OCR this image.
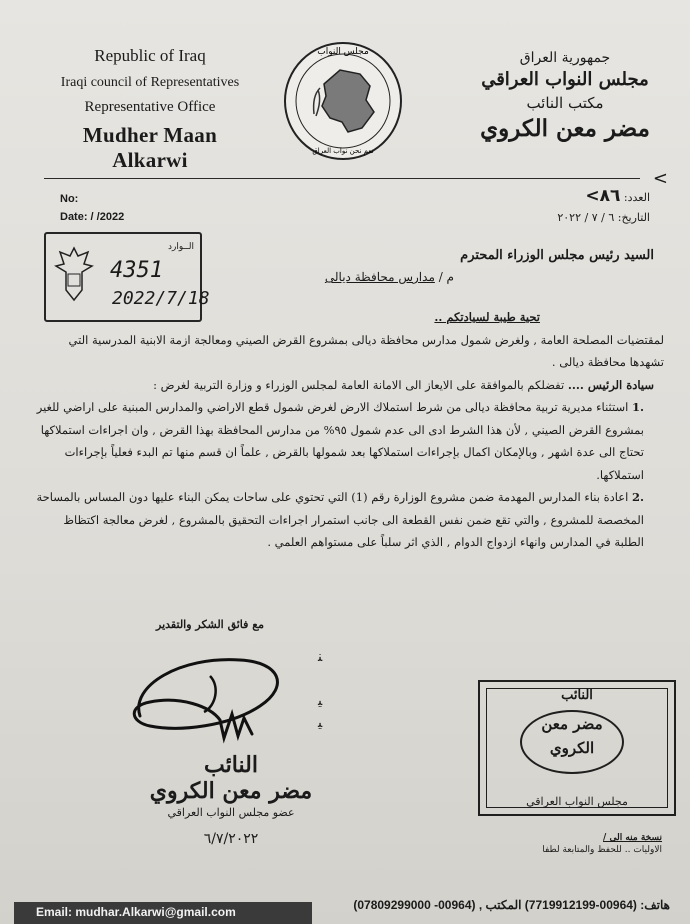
Republic of Iraq
Iraqi council of Representatives
Representative Office
Mudher Maan Alkarwi
مجلس النواب
نعم نحن نواب العراق
جمهورية العراق
مجلس النواب العراقي
مكتب النائب
مضر معن الكروي
<
No:
Date: / /2022
العدد: ٨٦>
التاريخ: ٦ / ٧ / ٢٠٢٢
الــوارد
4351
2022/7/18
السيد رئيس مجلس الوزراء المحترم
م / مدارس محافظة ديالى

تحية طيبة لسيادتكم ..

لمقتضيات المصلحة العامة , ولغرض شمول مدارس محافظة ديالى بمشروع القرض الصيني ومعالجة ازمة الابنية المدرسية التي تشهدها محافظة ديالى .

سيادة الرئيس .... تفضلكم بالموافقة على الايعاز الى الامانة العامة لمجلس الوزراء و وزارة التربية لغرض :

.1 استثناء مديرية تربية محافظة ديالى من شرط استملاك الارض لغرض شمول قطع الاراضي والمدارس المبنية على اراضي للغير بمشروع القرض الصيني , لأن هذا الشرط ادى الى عدم شمول ٩٥% من مدارس المحافظة بهذا القرض , وان اجراءات استملاكها تحتاج الى عدة اشهر , وبالإمكان اكمال بإجراءات استملاكها بعد شمولها بالقرض , علماً ان قسم منها تم البدء فعلياً بإجراءات استملاكها.

.2 اعادة بناء المدارس المهدمة ضمن مشروع الوزارة رقم (1) التي تحتوي على ساحات يمكن البناء عليها دون المساس بالمساحة المخصصة للمشروع , والتي تقع ضمن نفس القطعة الى جانب استمرار اجراءات التحقيق بالمشروع , لغرض معالجة اكتظاظ الطلبة في المدارس وانهاء ازدواج الدوام , الذي اثر سلباً على مستواهم العلمي .

مع فائق الشكر والتقدير
ﻨ

ﻴ
ﻴ
النائب
مضر معن الكروي
عضو مجلس النواب العراقي
٦/٧/٢٠٢٢
النائب
مضر معن
الكروي
مجلس النواب العراقي
نسخة منه الى /
الاوليات .. للحفظ والمتابعة لطفا
Email: mudhar.Alkarwi@gmail.com	هاتف: (00964-7719912199) المكتب , (00964- 07809299000)
